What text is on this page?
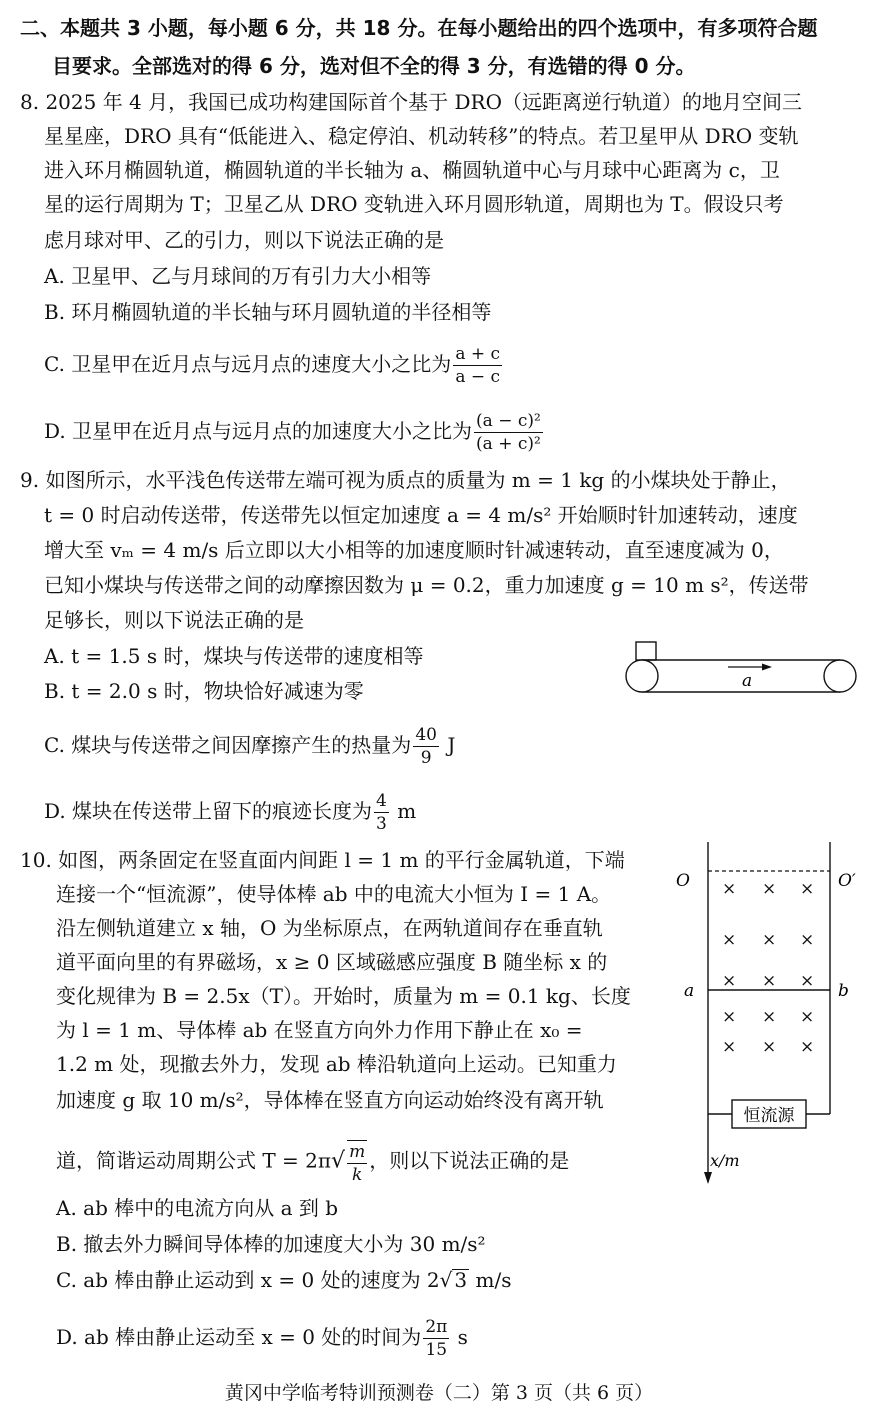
二、本题共 3 小题，每小题 6 分，共 18 分。在每小题给出的四个选项中，有多项符合题
目要求。全部选对的得 6 分，选对但不全的得 3 分，有选错的得 0 分。
8. 2025 年 4 月，我国已成功构建国际首个基于 DRO（远距离逆行轨道）的地月空间三
星星座，DRO 具有“低能进入、稳定停泊、机动转移”的特点。若卫星甲从 DRO 变轨
进入环月椭圆轨道，椭圆轨道的半长轴为 a、椭圆轨道中心与月球中心距离为 c，卫
星的运行周期为 T；卫星乙从 DRO 变轨进入环月圆形轨道，周期也为 T。假设只考
虑月球对甲、乙的引力，则以下说法正确的是
A. 卫星甲、乙与月球间的万有引力大小相等
B. 环月椭圆轨道的半长轴与环月圆轨道的半径相等
C. 卫星甲在近月点与远月点的速度大小之比为 $\frac{a + c}{a - c}$
D. 卫星甲在近月点与远月点的加速度大小之比为 $\frac{\text{(a − c)²}}{\text{(a + c)²}}$
9. 如图所示，水平浅色传送带左端可视为质点的质量为 m = 1 kg 的小煤块处于静止，
t = 0 时启动传送带，传送带先以恒定加速度 a = 4 m/s² 开始顺时针加速转动，速度
增大至 vₘ = 4 m/s 后立即以大小相等的加速度顺时针减速转动，直至速度减为 0，
已知小煤块与传送带之间的动摩擦因数为 μ = 0.2，重力加速度 g = 10 m s²，传送带
足够长，则以下说法正确的是
A. t = 1.5 s 时，煤块与传送带的速度相等
B. t = 2.0 s 时，物块恰好减速为零
C. 煤块与传送带之间因摩擦产生的热量为 $\frac{40}{9}$ J
D. 煤块在传送带上留下的痕迹长度为 $\frac{4}{3}$ m
a
10. 如图，两条固定在竖直面内间距 l = 1 m 的平行金属轨道，下端
连接一个“恒流源”，使导体棒 ab 中的电流大小恒为 I = 1 A。
沿左侧轨道建立 x 轴，O 为坐标原点，在两轨道间存在垂直轨
道平面向里的有界磁场，x ≥ 0 区域磁感应强度 B 随坐标 x 的
变化规律为 B = 2.5x（T）。开始时，质量为 m = 0.1 kg、长度
为 l = 1 m、导体棒 ab 在竖直方向外力作用下静止在 x₀ =
1.2 m 处，现撤去外力，发现 ab 棒沿轨道向上运动。已知重力
加速度 g 取 10 m/s²，导体棒在竖直方向运动始终没有离开轨
道，简谐运动周期公式 $T = 2\pi√ \frac{m}{k}$ ，则以下说法正确的是
A. ab 棒中的电流方向从 a 到 b
B. 撤去外力瞬间导体棒的加速度大小为 30 m/s²
C. ab 棒由静止运动到 x = 0 处的速度为 2√ 3 m/s
D. ab 棒由静止运动至 x = 0 处的时间为 $\frac{2\pi}{15}$ s
O	O′
× × ×
× × ×
× × ×
× × ×
× × ×
a	b
恒流源
x/m
黄冈中学临考特训预测卷（二）第 3 页（共 6 页）
